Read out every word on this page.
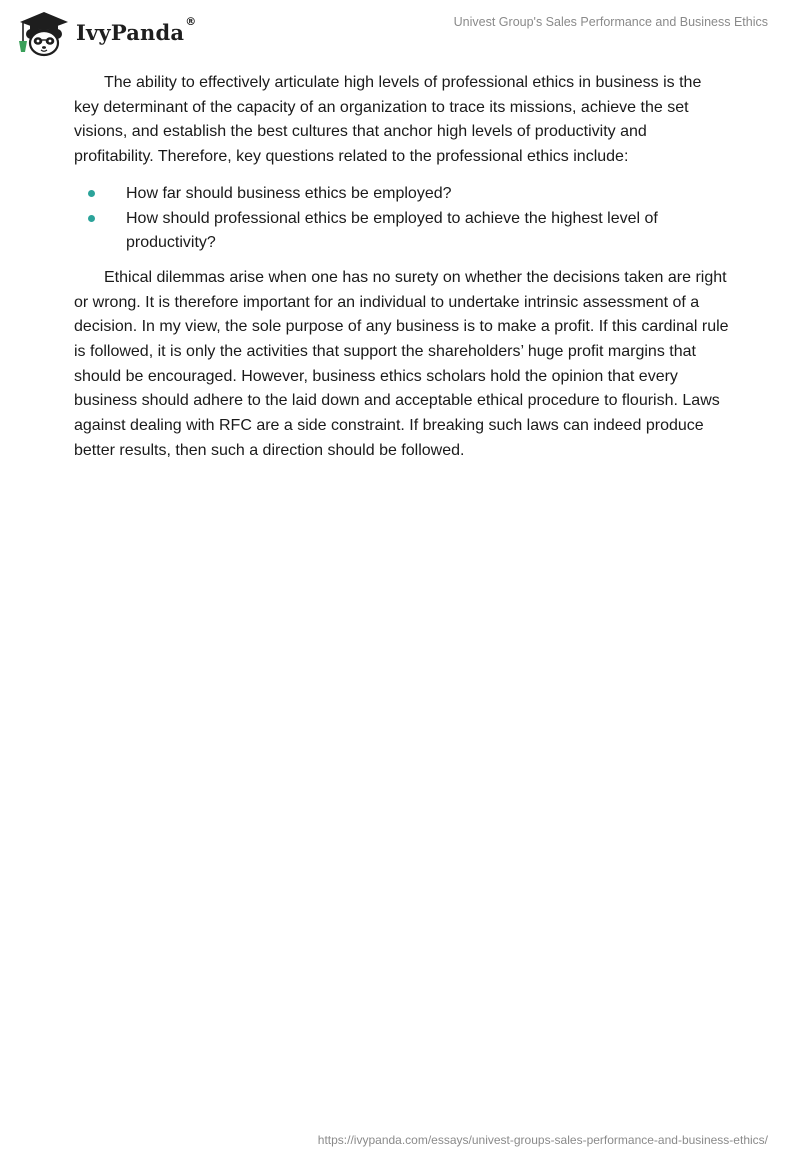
IvyPanda®	Univest Group's Sales Performance and Business Ethics

The ability to effectively articulate high levels of professional ethics in business is the key determinant of the capacity of an organization to trace its missions, achieve the set visions, and establish the best cultures that anchor high levels of productivity and profitability. Therefore, key questions related to the professional ethics include:

How far should business ethics be employed?
How should professional ethics be employed to achieve the highest level of productivity?

Ethical dilemmas arise when one has no surety on whether the decisions taken are right or wrong. It is therefore important for an individual to undertake intrinsic assessment of a decision. In my view, the sole purpose of any business is to make a profit. If this cardinal rule is followed, it is only the activities that support the shareholders’ huge profit margins that should be encouraged. However, business ethics scholars hold the opinion that every business should adhere to the laid down and acceptable ethical procedure to flourish. Laws against dealing with RFC are a side constraint. If breaking such laws can indeed produce better results, then such a direction should be followed.

https://ivypanda.com/essays/univest-groups-sales-performance-and-business-ethics/
